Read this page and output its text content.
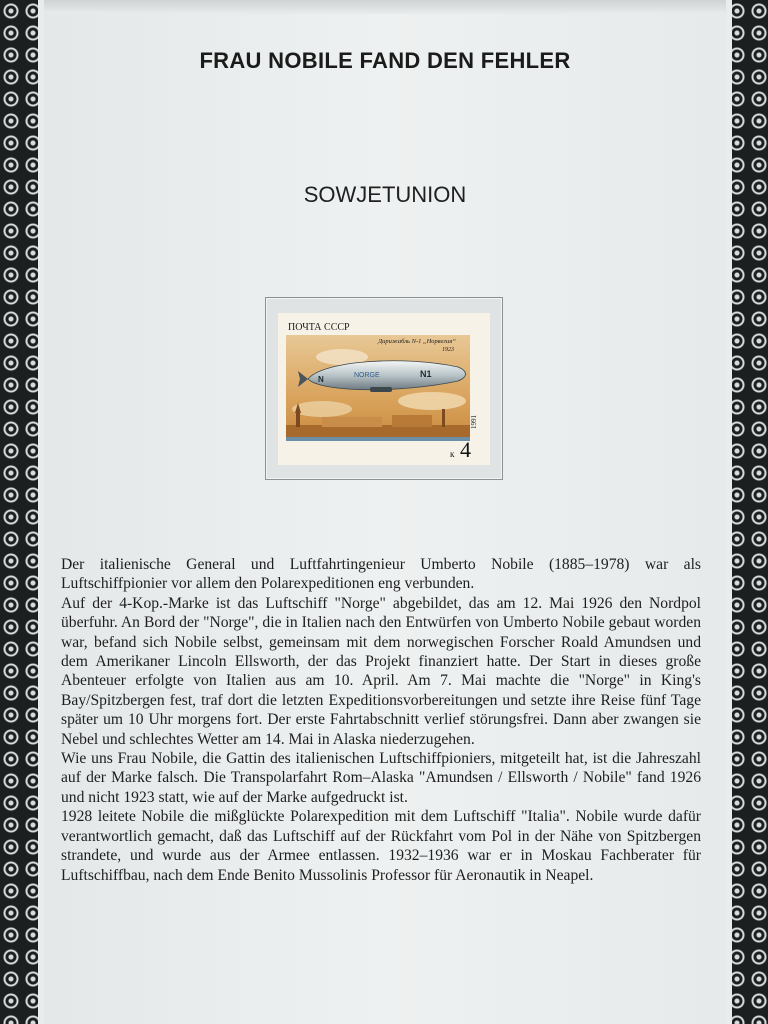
FRAU NOBILE FAND DEN FEHLER
SOWJETUNION
NORGE	N1
N
ПОЧТА СССР
Дирижабль N-1 „Норвегия“
1923
1991
4
к

Der italienische General und Luftfahrtingenieur Umberto Nobile (1885–1978) war als Luftschiffpionier vor allem den Polarexpeditionen eng verbunden.

Auf der 4-Kop.-Marke ist das Luftschiff "Norge" abgebildet, das am 12. Mai 1926 den Nordpol überfuhr. An Bord der "Norge", die in Italien nach den Entwürfen von Umberto Nobile gebaut worden war, befand sich Nobile selbst, gemeinsam mit dem norwegischen Forscher Roald Amundsen und dem Amerikaner Lincoln Ellsworth, der das Projekt finanziert hatte. Der Start in dieses große Abenteuer erfolgte von Italien aus am 10. April. Am 7. Mai machte die "Norge" in King's Bay/Spitzbergen fest, traf dort die letzten Expeditionsvorbereitungen und setzte ihre Reise fünf Tage später um 10 Uhr morgens fort. Der erste Fahrtabschnitt verlief störungsfrei. Dann aber zwangen sie Nebel und schlechtes Wetter am 14. Mai in Alaska niederzugehen.

Wie uns Frau Nobile, die Gattin des italienischen Luftschiffpioniers, mitgeteilt hat, ist die Jahreszahl auf der Marke falsch. Die Transpolarfahrt Rom–Alaska "Amundsen / Ellsworth / Nobile" fand 1926 und nicht 1923 statt, wie auf der Marke aufgedruckt ist.

1928 leitete Nobile die mißglückte Polarexpedition mit dem Luftschiff "Italia". Nobile wurde dafür verantwortlich gemacht, daß das Luftschiff auf der Rückfahrt vom Pol in der Nähe von Spitzbergen strandete, und wurde aus der Armee entlassen. 1932–1936 war er in Moskau Fachberater für Luftschiffbau, nach dem Ende Benito Mussolinis Professor für Aeronautik in Neapel.
